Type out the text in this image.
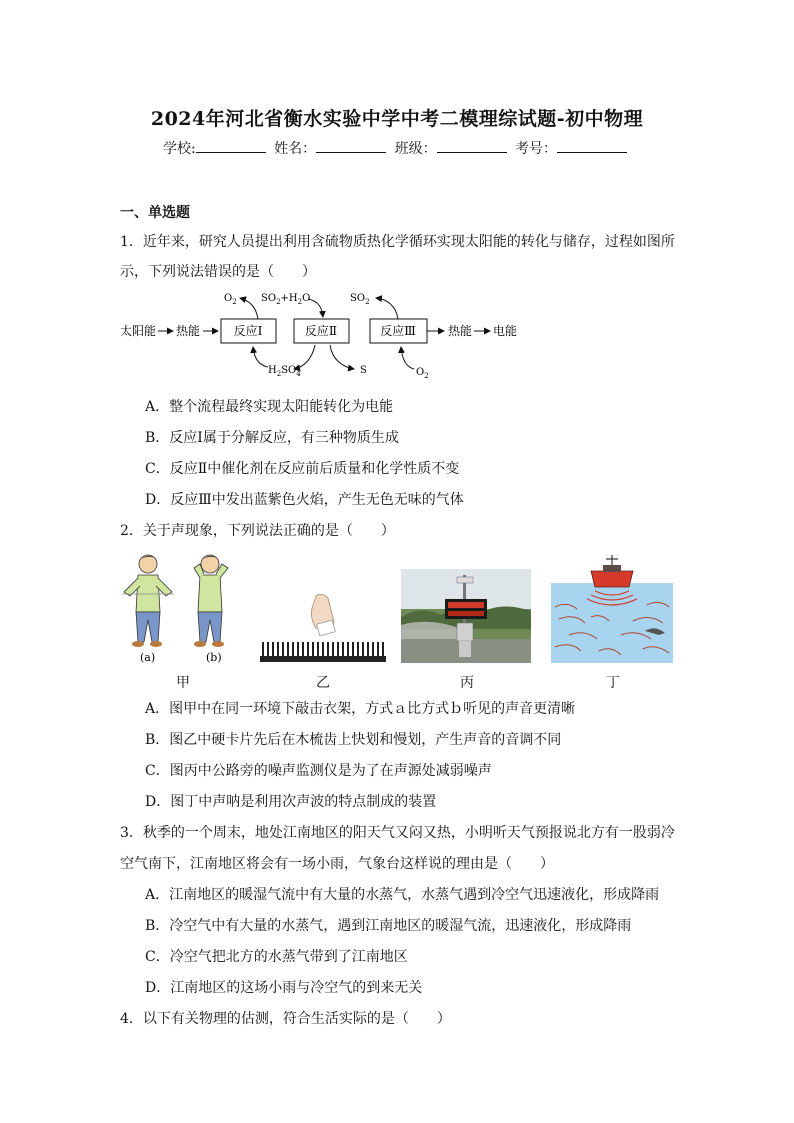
2024年河北省衡水实验中学中考二模理综试题-初中物理
学校:	姓名：	班级：	考号：
一、单选题
1．近年来，研究人员提出利用含硫物质热化学循环实现太阳能的转化与储存，过程如图所
示，下列说法错误的是（　　）
太阳能 热能	反应Ⅰ	反应Ⅱ	反应Ⅲ	热能 电能
$O_2$ $SO_2+H_2O$	$SO_2$
$H_2SO_4$	S	$O_2$
A．整个流程最终实现太阳能转化为电能
B．反应Ⅰ属于分解反应，有三种物质生成
C．反应Ⅱ中催化剂在反应前后质量和化学性质不变
D．反应Ⅲ中发出蓝紫色火焰，产生无色无味的气体
2．关于声现象，下列说法正确的是（　　）
(a)	(b)
甲	乙	丙	丁
A．图甲中在同一环境下敲击衣架，方式ａ比方式ｂ听见的声音更清晰
B．图乙中硬卡片先后在木梳齿上快划和慢划，产生声音的音调不同
C．图丙中公路旁的噪声监测仪是为了在声源处减弱噪声
D．图丁中声呐是利用次声波的特点制成的装置
3．秋季的一个周末，地处江南地区的阳天气又闷又热，小明听天气预报说北方有一股弱冷
空气南下，江南地区将会有一场小雨，气象台这样说的理由是（　　）
A．江南地区的暖湿气流中有大量的水蒸气，水蒸气遇到冷空气迅速液化，形成降雨
B．冷空气中有大量的水蒸气，遇到江南地区的暖湿气流，迅速液化，形成降雨
C．冷空气把北方的水蒸气带到了江南地区
D．江南地区的这场小雨与冷空气的到来无关
4．以下有关物理的估测，符合生活实际的是（　　）
